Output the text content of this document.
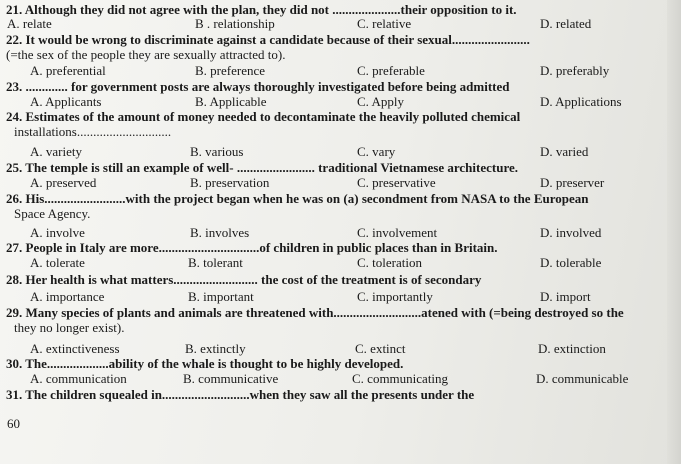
21. Although they did not agree with the plan, they did not .....................their opposition to it.
A. relate	B . relationship	C. relative	D. related
22. It would be wrong to discriminate against a candidate because of their sexual........................
(=the sex of the people they are sexually attracted to).
A. preferential	B. preference	C. preferable	D. preferably
23. ............. for government posts are always thoroughly investigated before being admitted
A. Applicants	B. Applicable	C. Apply	D. Applications
24. Estimates of the amount of money needed to decontaminate the heavily polluted chemical
installations.............................
A. variety	B. various	C. vary	D. varied
25. The temple is still an example of well- ........................ traditional Vietnamese architecture.
A. preserved	B. preservation	C. preservative	D. preserver
26. His.........................with the project began when he was on (a) secondment from NASA to the European
Space Agency.
A. involve	B. involves	C. involvement	D. involved
27. People in Italy are more...............................of children in public places than in Britain.
A. tolerate	B. tolerant	C. toleration	D. tolerable
28. Her health is what matters.......................... the cost of the treatment is of secondary
A. importance	B. important	C. importantly	D. import
29. Many species of plants and animals are threatened with...........................atened with (=being destroyed so the
they no longer exist).
A. extinctiveness	B. extinctly	C. extinct	D. extinction
30. The...................ability of the whale is thought to be highly developed.
A. communication	B. communicative	C. communicating	D. communicable
31. The children squealed in...........................when they saw all the presents under the
60
